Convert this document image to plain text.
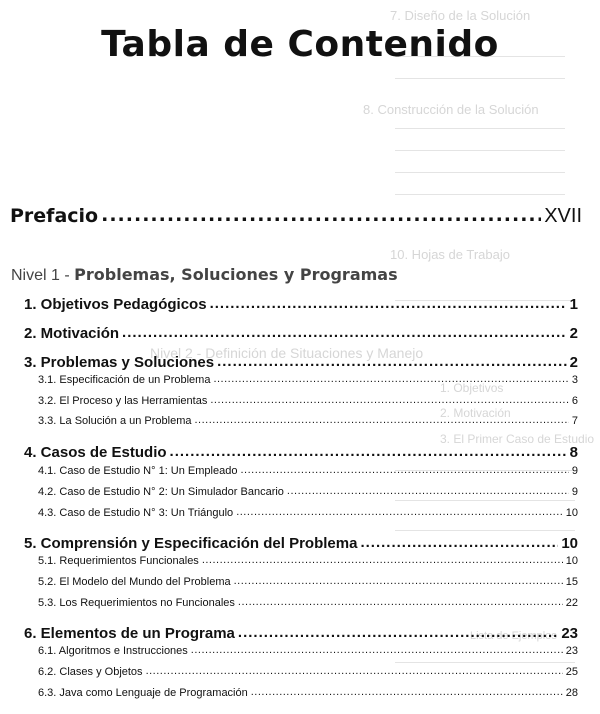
7. Diseño de la Solución
8. Construcción de la Solución
10. Hojas de Trabajo
Nivel 2 - Definición de Situaciones y Manejo
1. Objetivos
2. Motivación
3. El Primer Caso de Estudio
Lista de Ejemplos
Tabla de Contenido
Prefacio .....	XVII
Nivel 1 - Problemas, Soluciones y Programas
1. Objetivos Pedagógicos .....	1
2. Motivación .....	2
3. Problemas y Soluciones .....	2
3.1. Especificación de un Problema .....	3
3.2. El Proceso y las Herramientas .....	6
3.3. La Solución a un Problema .....	7
4. Casos de Estudio .....	8
4.1. Caso de Estudio N° 1: Un Empleado .....	9
4.2. Caso de Estudio N° 2: Un Simulador Bancario .....	9
4.3. Caso de Estudio N° 3: Un Triángulo .....	10
5. Comprensión y Especificación del Problema .....	10
5.1. Requerimientos Funcionales .....	10
5.2. El Modelo del Mundo del Problema .....	15
5.3. Los Requerimientos no Funcionales .....	22
6. Elementos de un Programa .....	23
6.1. Algoritmos e Instrucciones .....	23
6.2. Clases y Objetos .....	25
6.3. Java como Lenguaje de Programación .....	28
